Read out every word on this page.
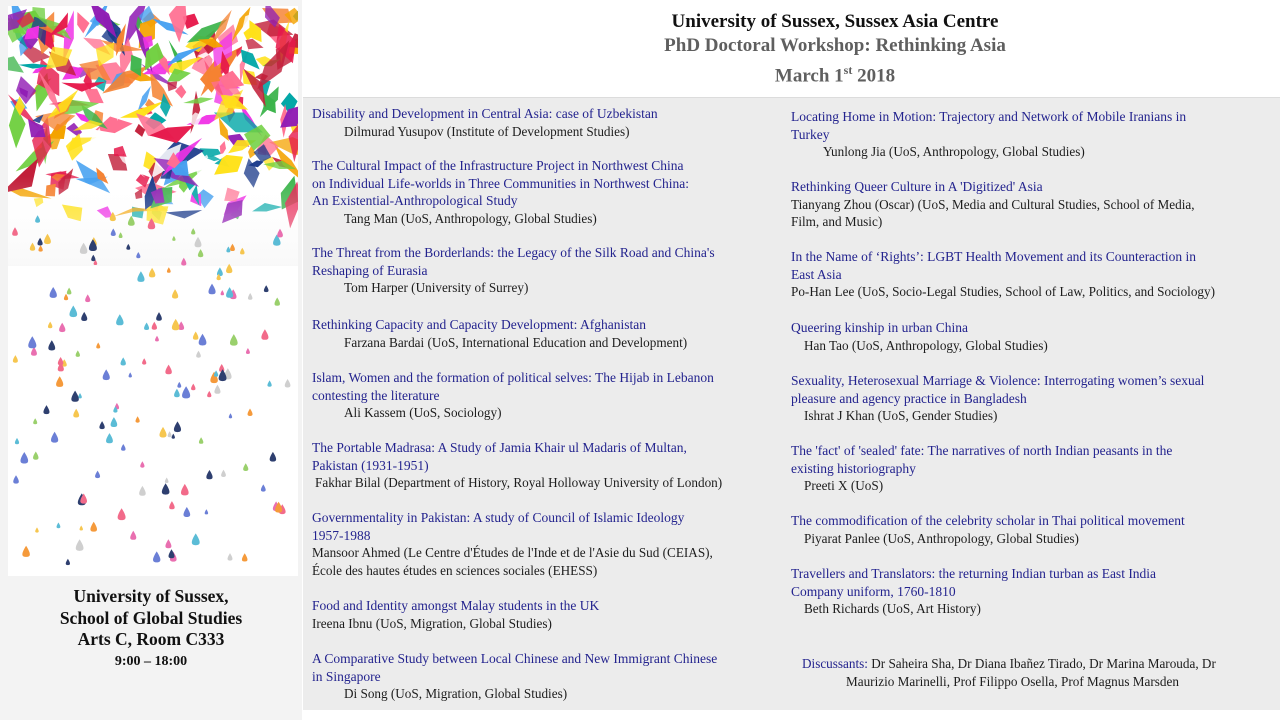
University of Sussex,
School of Global Studies
Arts C, Room C333
9:00 – 18:00
University of Sussex, Sussex Asia Centre
PhD Doctoral Workshop: Rethinking Asia
March 1st 2018
Disability and Development in Central Asia: case of Uzbekistan
Dilmurad Yusupov (Institute of Development Studies)
The Cultural Impact of the Infrastructure Project in Northwest China
on Individual Life-worlds in Three Communities in Northwest China:
An Existential-Anthropological Study
Tang Man (UoS, Anthropology, Global Studies)
The Threat from the Borderlands: the Legacy of the Silk Road and China's
Reshaping of Eurasia
Tom Harper (University of Surrey)
Rethinking Capacity and Capacity Development: Afghanistan
Farzana Bardai (UoS, International Education and Development)
Islam, Women and the formation of political selves: The Hijab in Lebanon
contesting the literature
Ali Kassem (UoS, Sociology)
The Portable Madrasa: A Study of Jamia Khair ul Madaris of Multan,
Pakistan (1931-1951)
Fakhar Bilal (Department of History, Royal Holloway University of London)
Governmentality in Pakistan: A study of Council of Islamic Ideology
1957-1988
Mansoor Ahmed (Le Centre d'Études de l'Inde et de l'Asie du Sud (CEIAS),
École des hautes études en sciences sociales (EHESS)
Food and Identity amongst Malay students in the UK
Ireena Ibnu (UoS, Migration, Global Studies)
A Comparative Study between Local Chinese and New Immigrant Chinese
in Singapore
Di Song (UoS, Migration, Global Studies)
Locating Home in Motion: Trajectory and Network of Mobile Iranians in
Turkey
Yunlong Jia (UoS, Anthropology, Global Studies)
Rethinking Queer Culture in A 'Digitized' Asia
Tianyang Zhou (Oscar) (UoS, Media and Cultural Studies, School of Media,
Film, and Music)
In the Name of ‘Rights’: LGBT Health Movement and its Counteraction in
East Asia
Po-Han Lee (UoS, Socio-Legal Studies, School of Law, Politics, and Sociology)
Queering kinship in urban China
Han Tao (UoS, Anthropology, Global Studies)
Sexuality, Heterosexual Marriage & Violence: Interrogating women’s sexual
pleasure and agency practice in Bangladesh
Ishrat J Khan (UoS, Gender Studies)
The 'fact' of 'sealed' fate: The narratives of north Indian peasants in the
existing historiography
Preeti X (UoS)
The commodification of the celebrity scholar in Thai political movement
Piyarat Panlee (UoS, Anthropology, Global Studies)
Travellers and Translators: the returning Indian turban as East India
Company uniform, 1760-1810
Beth Richards (UoS, Art History)
Discussants: Dr Saheira Sha, Dr Diana Ibañez Tirado, Dr Marina Marouda, Dr
Maurizio Marinelli, Prof Filippo Osella, Prof Magnus Marsden
